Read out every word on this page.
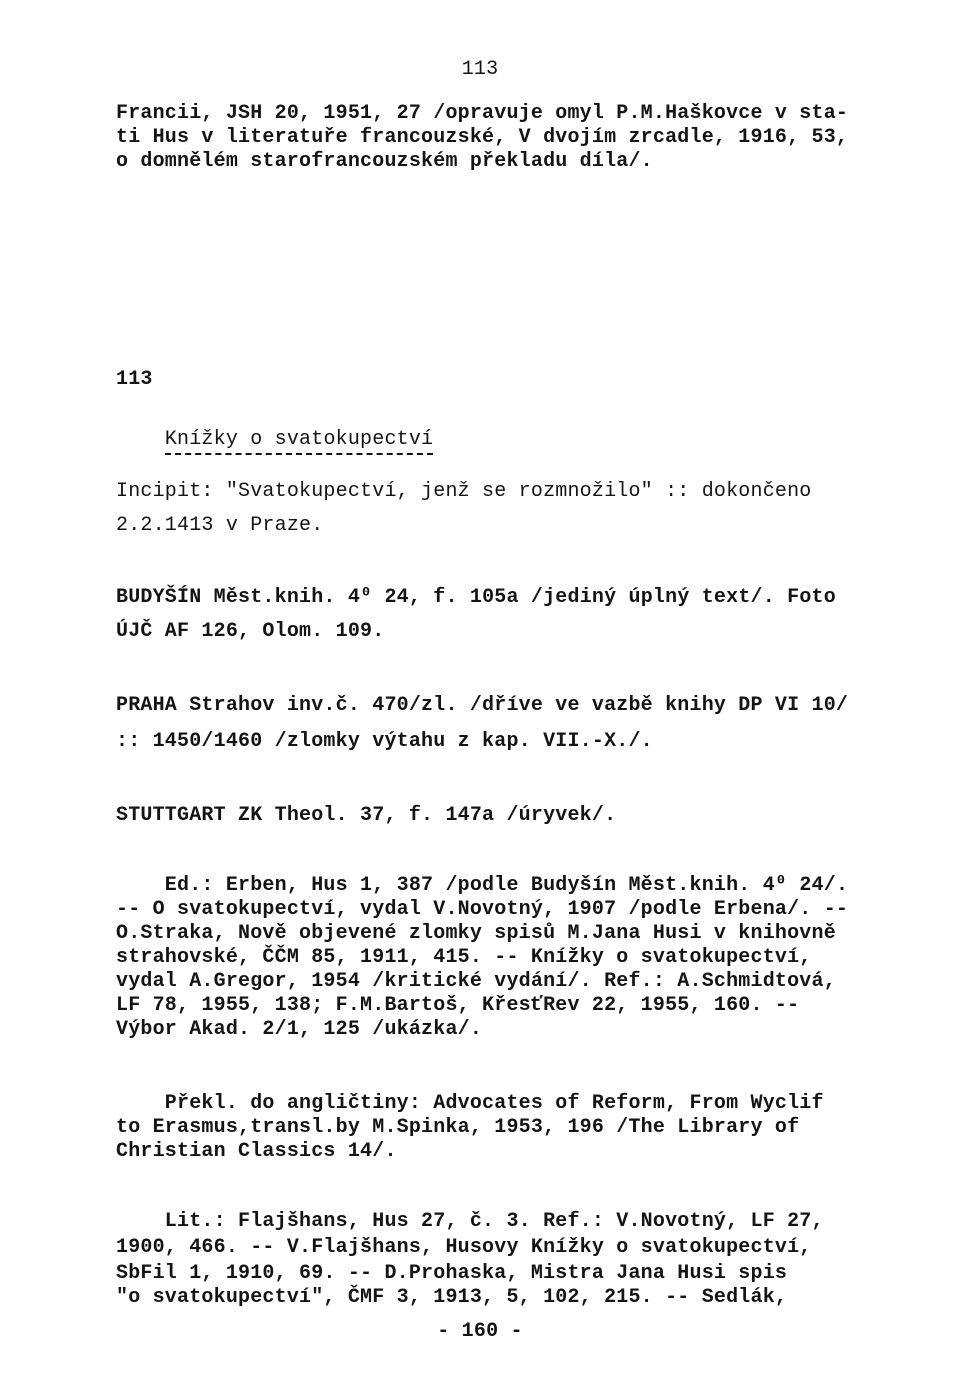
113
Francii, JSH 20, 1951, 27 /opravuje omyl P.M.Haškovce v sta-
ti Hus v literatuře francouzské, V dvojím zrcadle, 1916, 53,
o domnělém starofrancouzském překladu díla/.
113

Knížky o svatokupectví

Incipit: "Svatokupectví, jenž se rozmnožilo" :: dokončeno
2.2.1413 v Praze.
BUDYŠÍN Měst.knih. 4⁰ 24, f. 105a /jediný úplný text/. Foto
ÚJČ AF 126, Olom. 109.
PRAHA Strahov inv.č. 470/zl. /dříve ve vazbě knihy DP VI 10/
:: 1450/1460 /zlomky výtahu z kap. VII.-X./.
STUTTGART ZK Theol. 37, f. 147a /úryvek/.
Ed.: Erben, Hus 1, 387 /podle Budyšín Měst.knih. 4⁰ 24/.
-- O svatokupectví, vydal V.Novotný, 1907 /podle Erbena/. --
O.Straka, Nově objevené zlomky spisů M.Jana Husi v knihovně
strahovské, ČČM 85, 1911, 415. -- Knížky o svatokupectví,
vydal A.Gregor, 1954 /kritické vydání/. Ref.: A.Schmidtová,
LF 78, 1955, 138; F.M.Bartoš, KřesťRev 22, 1955, 160. --
Výbor Akad. 2/1, 125 /ukázka/.
Překl. do angličtiny: Advocates of Reform, From Wyclif
to Erasmus,transl.by M.Spinka, 1953, 196 /The Library of
Christian Classics 14/.
Lit.: Flajšhans, Hus 27, č. 3. Ref.: V.Novotný, LF 27,
1900, 466. -- V.Flajšhans, Husovy Knížky o svatokupectví,
SbFil 1, 1910, 69. -- D.Prohaska, Mistra Jana Husi spis
"o svatokupectví", ČMF 3, 1913, 5, 102, 215. -- Sedlák,
- 160 -
